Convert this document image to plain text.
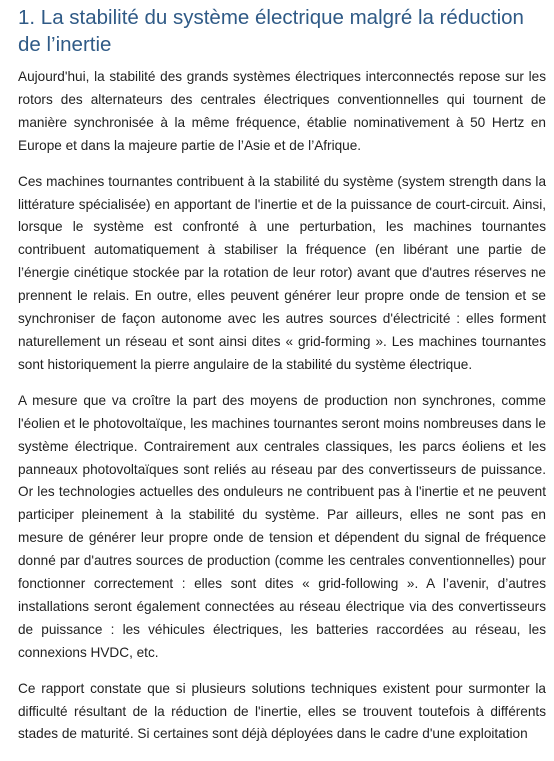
1. La stabilité du système électrique malgré la réduction de l’inertie

Aujourd'hui, la stabilité des grands systèmes électriques interconnectés repose sur les rotors des alternateurs des centrales électriques conventionnelles qui tournent de manière synchronisée à la même fréquence, établie nominativement à 50 Hertz en Europe et dans la majeure partie de l’Asie et de l’Afrique.

Ces machines tournantes contribuent à la stabilité du système (system strength dans la littérature spécialisée) en apportant de l'inertie et de la puissance de court-circuit. Ainsi, lorsque le système est confronté à une perturbation, les machines tournantes contribuent automatiquement à stabiliser la fréquence (en libérant une partie de l’énergie cinétique stockée par la rotation de leur rotor) avant que d'autres réserves ne prennent le relais. En outre, elles peuvent générer leur propre onde de tension et se synchroniser de façon autonome avec les autres sources d'électricité : elles forment naturellement un réseau et sont ainsi dites « grid-forming ». Les machines tournantes sont historiquement la pierre angulaire de la stabilité du système électrique.

A mesure que va croître la part des moyens de production non synchrones, comme l'éolien et le photovoltaïque, les machines tournantes seront moins nombreuses dans le système électrique. Contrairement aux centrales classiques, les parcs éoliens et les panneaux photovoltaïques sont reliés au réseau par des convertisseurs de puissance. Or les technologies actuelles des onduleurs ne contribuent pas à l'inertie et ne peuvent participer pleinement à la stabilité du système. Par ailleurs, elles ne sont pas en mesure de générer leur propre onde de tension et dépendent du signal de fréquence donné par d'autres sources de production (comme les centrales conventionnelles) pour fonctionner correctement : elles sont dites « grid-following ». A l’avenir, d’autres installations seront également connectées au réseau électrique via des convertisseurs de puissance : les véhicules électriques, les batteries raccordées au réseau, les connexions HVDC, etc.

Ce rapport constate que si plusieurs solutions techniques existent pour surmonter la difficulté résultant de la réduction de l'inertie, elles se trouvent toutefois à différents stades de maturité. Si certaines sont déjà déployées dans le cadre d'une exploitation
